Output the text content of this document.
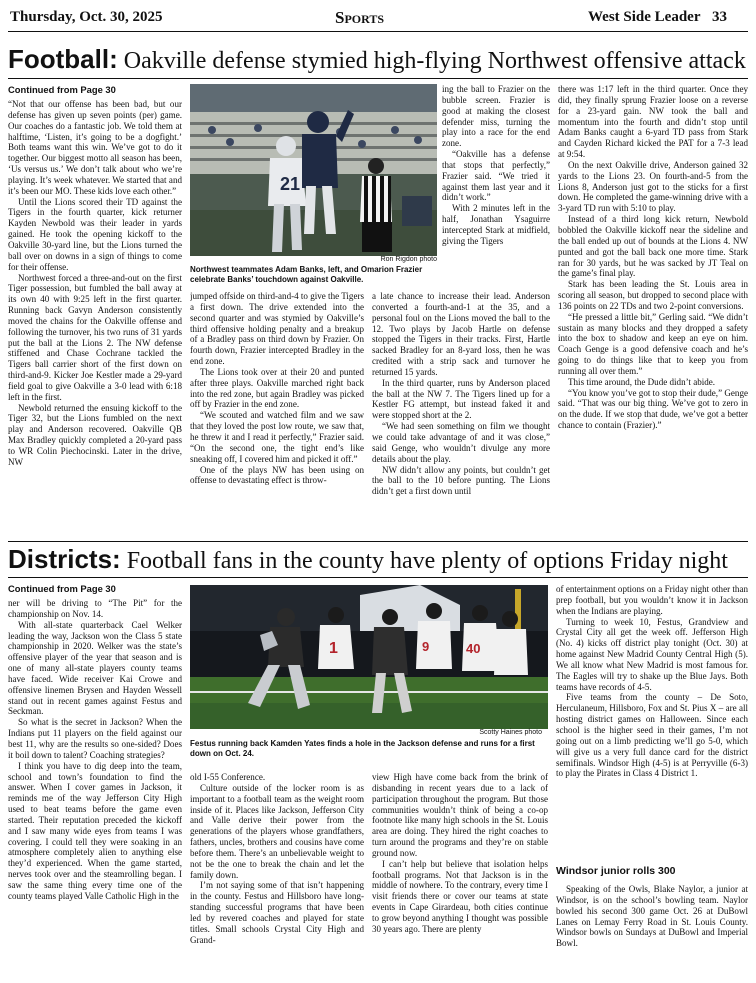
Thursday, Oct. 30, 2025	Sports	West Side Leader 33
Football: Oakville defense stymied high-flying Northwest offensive attack
Continued from Page 30

“Not that our offense has been bad, but our defense has given up seven points (per) game. Our coaches do a fantastic job. We told them at halftime, ‘Listen, it’s going to be a dogfight.’ Both teams want this win. We’ve got to do it together. Our biggest motto all season has been, ‘Us versus us.’ We don’t talk about who we’re playing. It’s week whatever. We started that and it’s been our MO. These kids love each other.”

Until the Lions scored their TD against the Tigers in the fourth quarter, kick returner Kayden Newbold was their leader in yards gained. He took the opening kickoff to the Oakville 30-yard line, but the Lions turned the ball over on downs in a sign of things to come for their offense.

Northwest forced a three-and-out on the first Tiger possession, but fumbled the ball away at its own 40 with 9:25 left in the first quarter. Running back Gavyn Anderson consistently moved the chains for the Oakville offense and following the turnover, his two runs of 31 yards put the ball at the Lions 2. The NW defense stiffened and Chase Cochrane tackled the Tigers ball carrier short of the first down on third-and-9. Kicker Joe Kestler made a 29-yard field goal to give Oakville a 3-0 lead with 6:18 left in the first.

Newbold returned the ensuing kickoff to the Tiger 32, but the Lions fumbled on the next play and Anderson recovered. Oakville QB Max Bradley quickly completed a 20-yard pass to WR Colin Piechocinski. Later in the drive, NW

21
Ron Rigdon photo
Northwest teammates Adam Banks, left, and Omarion Frazier celebrate Banks’ touchdown against Oakville.

jumped offside on third-and-4 to give the Tigers a first down. The drive extended into the second quarter and was stymied by Oakville’s third offensive holding penalty and a breakup of a Bradley pass on third down by Frazier. On fourth down, Frazier intercepted Bradley in the end zone.

The Lions took over at their 20 and punted after three plays. Oakville marched right back into the red zone, but again Bradley was picked off by Frazier in the end zone.

“We scouted and watched film and we saw that they loved the post low route, we saw that, he threw it and I read it perfectly,” Frazier said. “On the second one, the tight end’s like sneaking off, I covered him and picked it off.”

One of the plays NW has been using on offense to devastating effect is throw-

ing the ball to Frazier on the bubble screen. Frazier is good at making the closest defender miss, turning the play into a race for the end zone.

“Oakville has a defense that stops that perfectly,” Frazier said. “We tried it against them last year and it didn’t work.”

With 2 minutes left in the half, Jonathan Ysaguirre intercepted Stark at midfield, giving the Tigers

a late chance to increase their lead. Anderson converted a fourth-and-1 at the 35, and a personal foul on the Lions moved the ball to the 12. Two plays by Jacob Hartle on defense stopped the Tigers in their tracks. First, Hartle sacked Bradley for an 8-yard loss, then he was credited with a strip sack and turnover he returned 15 yards.

In the third quarter, runs by Anderson placed the ball at the NW 7. The Tigers lined up for a Kestler FG attempt, but instead faked it and were stopped short at the 2.

“We had seen something on film we thought we could take advantage of and it was close,” said Genge, who wouldn’t divulge any more details about the play.

NW didn’t allow any points, but couldn’t get the ball to the 10 before punting. The Lions didn’t get a first down until

there was 1:17 left in the third quarter. Once they did, they finally sprung Frazier loose on a reverse for a 23-yard gain. NW took the ball and momentum into the fourth and didn’t stop until Adam Banks caught a 6-yard TD pass from Stark and Cayden Richard kicked the PAT for a 7-3 lead at 9:54.

On the next Oakville drive, Anderson gained 32 yards to the Lions 23. On fourth-and-5 from the Lions 8, Anderson just got to the sticks for a first down. He completed the game-winning drive with a 3-yard TD run with 5:10 to play.

Instead of a third long kick return, Newbold bobbled the Oakville kickoff near the sideline and the ball ended up out of bounds at the Lions 4. NW punted and got the ball back one more time. Stark ran for 30 yards, but he was sacked by JT Teal on the game’s final play.

Stark has been leading the St. Louis area in scoring all season, but dropped to second place with 136 points on 22 TDs and two 2-point conversions.

“He pressed a little bit,” Gerling said. “We didn’t sustain as many blocks and they dropped a safety into the box to shadow and keep an eye on him. Coach Genge is a good defensive coach and he’s going to do things like that to keep you from running all over them.”

This time around, the Dude didn’t abide.

“You know you’ve got to stop their dude,” Genge said. “That was our big thing. We’ve got to zero in on the dude. If we stop that dude, we’ve got a better chance to contain (Frazier).”

Districts: Football fans in the county have plenty of options Friday night
Continued from Page 30

ner will be driving to “The Pit” for the championship on Nov. 14.

With all-state quarterback Cael Welker leading the way, Jackson won the Class 5 state championship in 2020. Welker was the state’s offensive player of the year that season and is one of many all-state players county teams have faced. Wide receiver Kai Crowe and offensive linemen Brysen and Hayden Wessell stand out in recent games against Festus and Seckman.

So what is the secret in Jackson? When the Indians put 11 players on the field against our best 11, why are the results so one-sided? Does it boil down to talent? Coaching strategies?

I think you have to dig deep into the team, school and town’s foundation to find the answer. When I cover games in Jackson, it reminds me of the way Jefferson City High used to beat teams before the game even started. Their reputation preceded the kickoff and I saw many wide eyes from teams I was covering. I could tell they were soaking in an atmosphere completely alien to anything else they’d experienced. When the game started, nerves took over and the steamrolling began. I saw the same thing every time one of the county teams played Valle Catholic High in the

1	9	40
Scotty Haines photo
Festus running back Kamden Yates finds a hole in the Jackson defense and runs for a first down on Oct. 24.

old I-55 Conference.

Culture outside of the locker room is as important to a football team as the weight room inside of it. Places like Jackson, Jefferson City and Valle derive their power from the generations of the players whose grandfathers, fathers, uncles, brothers and cousins have come before them. There’s an unbelievable weight to not be the one to break the chain and let the family down.

I’m not saying some of that isn’t happening in the county. Festus and Hillsboro have long-standing successful programs that have been led by revered coaches and played for state titles. Small schools Crystal City High and Grand-

view High have come back from the brink of disbanding in recent years due to a lack of participation throughout the program. But those communities wouldn’t think of being a co-op footnote like many high schools in the St. Louis area are doing. They hired the right coaches to turn around the programs and they’re on stable ground now.

I can’t help but believe that isolation helps football programs. Not that Jackson is in the middle of nowhere. To the contrary, every time I visit friends there or cover our teams at state events in Cape Girardeau, both cities continue to grow beyond anything I thought was possible 30 years ago. There are plenty

of entertainment options on a Friday night other than prep football, but you wouldn’t know it in Jackson when the Indians are playing.

Turning to week 10, Festus, Grandview and Crystal City all get the week off. Jefferson High (No. 4) kicks off district play tonight (Oct. 30) at home against New Madrid County Central High (5). We all know what New Madrid is most famous for. The Eagles will try to shake up the Blue Jays. Both teams have records of 4-5.

Five teams from the county – De Soto, Herculaneum, Hillsboro, Fox and St. Pius X – are all hosting district games on Halloween. Since each school is the higher seed in their games, I’m not going out on a limb predicting we’ll go 5-0, which will give us a very full dance card for the district semifinals. Windsor High (4-5) is at Perryville (6-3) to play the Pirates in Class 4 District 1.

Windsor junior rolls 300

Speaking of the Owls, Blake Naylor, a junior at Windsor, is on the school’s bowling team. Naylor bowled his second 300 game Oct. 26 at DuBowl Lanes on Lemay Ferry Road in St. Louis County. Windsor bowls on Sundays at DuBowl and Imperial Bowl.
